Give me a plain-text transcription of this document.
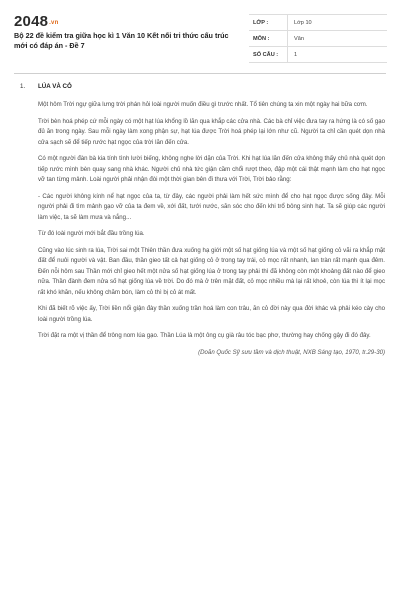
2048.vn
Bộ 22 đề kiểm tra giữa học kì 1 Văn 10 Kết nối tri thức cấu trúc mới có đáp án - Đề 7
LỚP :	Lớp 10
MÔN :	Văn
SỐ CÂU :	1
1. LÚA VÀ CỎ

Một hôm Trời ngự giữa lưng trời phán hỏi loài người muốn điều gì trước nhất. Tổ tiên chúng ta xin một ngày hai bữa cơm.

Trời bèn hoá phép cứ mỗi ngày có một hạt lúa khổng lồ lăn qua khắp các cửa nhà. Các bà chỉ việc đưa tay ra hứng là có số gạo đủ ăn trong ngày. Sau mỗi ngày làm xong phận sự, hạt lúa được Trời hoá phép lại lớn như cũ. Người ta chỉ cần quét dọn nhà cửa sạch sẽ để tiếp rước hạt ngọc của trời lăn đến cửa.

Có một người đàn bà kia tính tình lười biếng, không nghe lời dặn của Trời. Khi hạt lúa lăn đến cửa không thấy chủ nhà quét dọn tiếp rước mình bèn quay sang nhà khác. Người chủ nhà tức giận cầm chổi rượt theo, đập một cái thật mạnh làm cho hạt ngọc vỡ tan từng mảnh. Loài người phải nhận đòi một thời gian bên đi thưa với Trời, Trời bảo rằng:

- Các người không kính nể hạt ngọc của ta, từ đây, các người phải làm hết sức mình để cho hạt ngọc được sống đây. Mỗi người phải đi tìm mảnh gạo vỡ của ta đem về, xới đất, tưới nước, săn sóc cho đến khi trổ bông sinh hạt. Ta sẽ giúp các người làm việc, ta sẽ làm mưa và nắng...

Từ đó loài người mới bắt đầu trồng lúa.

Cũng vào lúc sinh ra lúa, Trời sai một Thiên thần đưa xuống hạ giới một số hạt giống lúa và một số hạt giống cỏ vãi ra khắp mặt đất để nuôi người và vật. Ban đầu, thần gieo tất cả hạt giống cỏ ở trong tay trái, cỏ mọc rất nhanh, lan tràn rất mạnh qua đêm. Đến nỗi hôm sau Thần mới chỉ gieo hết một nửa số hạt giống lúa ở trong tay phải thì đã không còn một khoảng đất nào để gieo nữa. Thần đành đem nửa số hạt giống lúa về trời. Do đó mà ở trên mặt đất, cỏ mọc nhiều mà lại rất khoẻ, còn lúa thì ít lại mọc rất khó khăn, nếu không chăm bón, làm cỏ thì bị cỏ át mất.

Khi đã biết rõ việc ấy, Trời liền nổi giận đày thần xuống trần hoá làm con trâu, ăn cỏ đời này qua đời khác và phải kéo cày cho loài người trồng lúa.

Trời đặt ra một vị thần để trông nom lúa gạo. Thần Lúa là một ông cụ già râu tóc bạc phơ, thường hay chống gậy đi đó đây.

(Doãn Quốc Sỹ sưu tầm và dịch thuật, NXB Sáng tạo, 1970, tr.29-30)
